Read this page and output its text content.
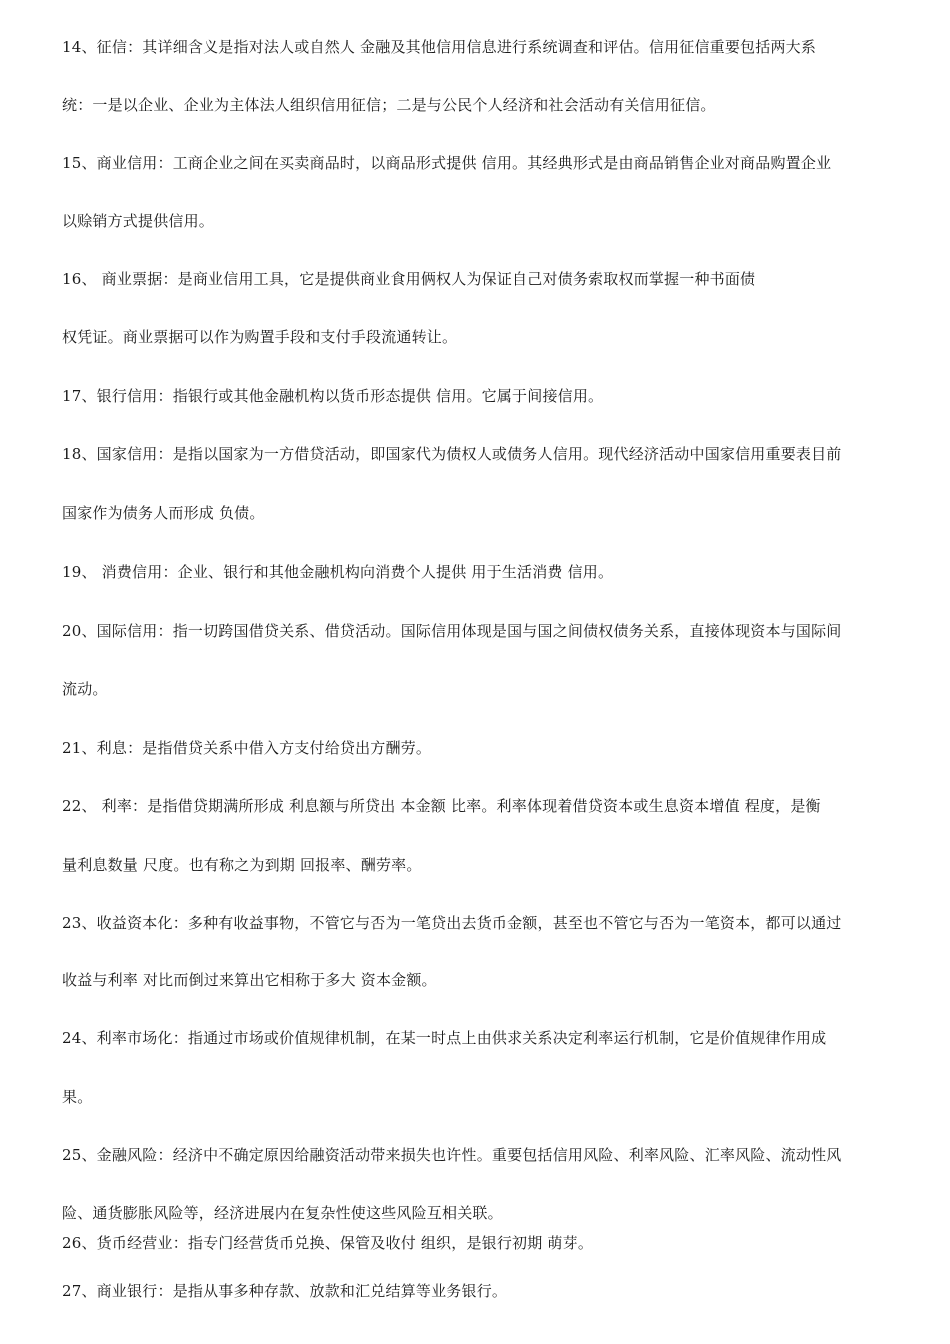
14、征信：其详细含义是指对法人或自然人 金融及其他信用信息进行系统调查和评估。信用征信重要包括两大系
统：一是以企业、企业为主体法人组织信用征信；二是与公民个人经济和社会活动有关信用征信。
15、商业信用：工商企业之间在买卖商品时，以商品形式提供 信用。其经典形式是由商品销售企业对商品购置企业
以赊销方式提供信用。
16、 商业票据：是商业信用工具，它是提供商业食用俩权人为保证自己对债务索取权而掌握一种书面债
权凭证。商业票据可以作为购置手段和支付手段流通转让。
17、银行信用：指银行或其他金融机构以货币形态提供 信用。它属于间接信用。
18、国家信用：是指以国家为一方借贷活动，即国家代为债权人或债务人信用。现代经济活动中国家信用重要表目前
国家作为债务人而形成 负债。
19、 消费信用：企业、银行和其他金融机构向消费个人提供 用于生活消费 信用。
20、国际信用：指一切跨国借贷关系、借贷活动。国际信用体现是国与国之间债权债务关系，直接体现资本与国际间
流动。
21、利息：是指借贷关系中借入方支付给贷出方酬劳。
22、 利率：是指借贷期满所形成 利息额与所贷出 本金额 比率。利率体现着借贷资本或生息资本增值 程度，是衡
量利息数量 尺度。也有称之为到期 回报率、酬劳率。
23、收益资本化：多种有收益事物，不管它与否为一笔贷出去货币金额，甚至也不管它与否为一笔资本，都可以通过
收益与利率 对比而倒过来算出它相称于多大 资本金额。
24、利率市场化：指通过市场或价值规律机制，在某一时点上由供求关系决定利率运行机制，它是价值规律作用成
果。
25、金融风险：经济中不确定原因给融资活动带来损失也许性。重要包括信用风险、利率风险、汇率风险、流动性风
险、通货膨胀风险等，经济进展内在复杂性使这些风险互相关联。
26、货币经营业：指专门经营货币兑换、保管及收付 组织，是银行初期 萌芽。
27、商业银行：是指从事多种存款、放款和汇兑结算等业务银行。
